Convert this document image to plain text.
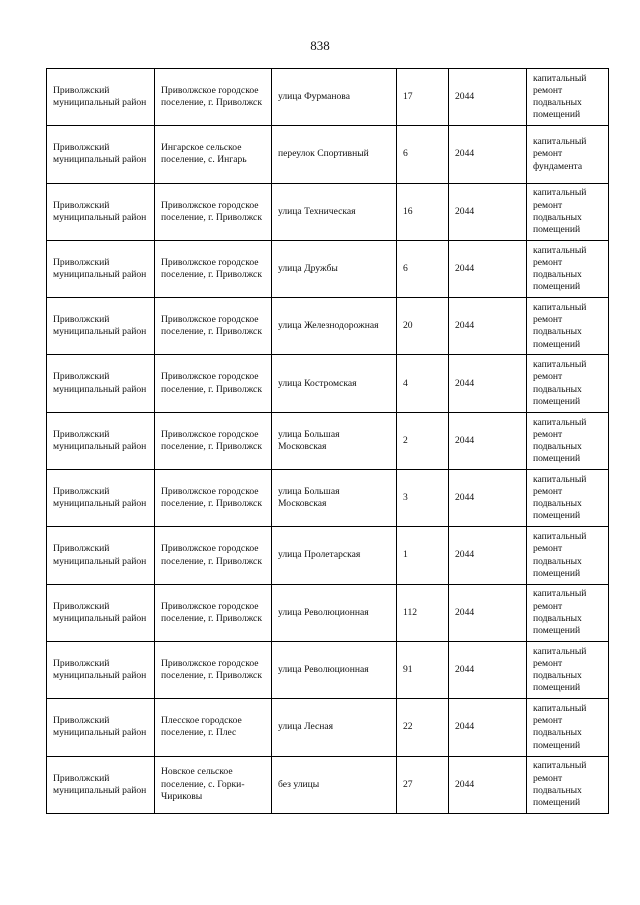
838
Приволжский муниципальный район	Приволжское городское поселение, г. Приволжск	улица Фурманова	17	2044	капитальный ремонт подвальных помещений
Приволжский муниципальный район	Ингарское сельское поселение, с. Ингарь	переулок Спортивный	6	2044	капитальный ремонт фундамента
Приволжский муниципальный район	Приволжское городское поселение, г. Приволжск	улица Техническая	16	2044	капитальный ремонт подвальных помещений
Приволжский муниципальный район	Приволжское городское поселение, г. Приволжск	улица Дружбы	6	2044	капитальный ремонт подвальных помещений
Приволжский муниципальный район	Приволжское городское поселение, г. Приволжск	улица Железнодорожная	20	2044	капитальный ремонт подвальных помещений
Приволжский муниципальный район	Приволжское городское поселение, г. Приволжск	улица Костромская	4	2044	капитальный ремонт подвальных помещений
Приволжский муниципальный район	Приволжское городское поселение, г. Приволжск	улица Большая Московская	2	2044	капитальный ремонт подвальных помещений
Приволжский муниципальный район	Приволжское городское поселение, г. Приволжск	улица Большая Московская	3	2044	капитальный ремонт подвальных помещений
Приволжский муниципальный район	Приволжское городское поселение, г. Приволжск	улица Пролетарская	1	2044	капитальный ремонт подвальных помещений
Приволжский муниципальный район	Приволжское городское поселение, г. Приволжск	улица Революционная	112	2044	капитальный ремонт подвальных помещений
Приволжский муниципальный район	Приволжское городское поселение, г. Приволжск	улица Революционная	91	2044	капитальный ремонт подвальных помещений
Приволжский муниципальный район	Плесское городское поселение, г. Плес	улица Лесная	22	2044	капитальный ремонт подвальных помещений
Приволжский муниципальный район	Новское сельское поселение, с. Горки-Чириковы	без улицы	27	2044	капитальный ремонт подвальных помещений
